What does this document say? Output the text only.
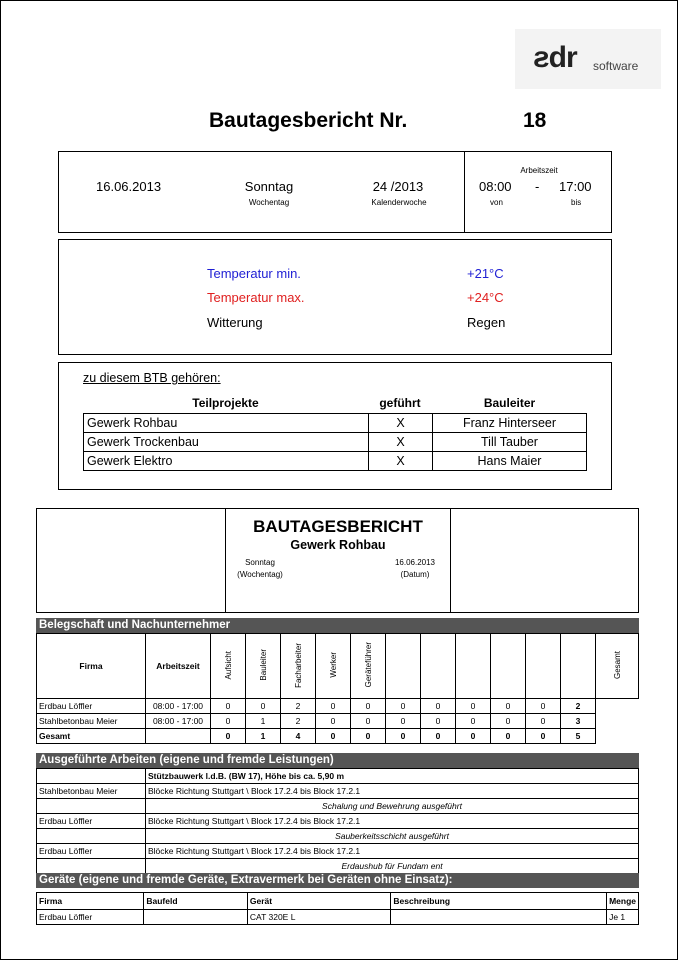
ƨdr software
Bautagesbericht Nr.	18
16.06.2013	Sonntag
Wochentag
24 /2013
Kalenderwoche
Arbeitszeit
08:00 - 17:00
von	bis
Temperatur min.	+21°C
Temperatur max.	+24°C
Witterung	Regen
zu diesem BTB gehören:
Teilprojekte	geführt	Bauleiter
Gewerk Rohbau	X	Franz Hinterseer
Gewerk Trockenbau	X	Till Tauber
Gewerk Elektro	X	Hans Maier
BAUTAGESBERICHT
Gewerk Rohbau
Sonntag
(Wochentag)
16.06.2013
(Datum)
Belegschaft und Nachunternehmer
Firma	Arbeitszeit	Aufsicht	Bauleiter	Facharbeiter	Werker	Geräteführer							Gesamt
Erdbau Löffler	08:00 - 17:00	0	0	2	0	0	0	0	0	0	0	2	
Stahlbetonbau Meier	08:00 - 17:00	0	1	2	0	0	0	0	0	0	0	3	
Gesamt		0	1	4	0	0	0	0	0	0	0	5	
Ausgeführte Arbeiten (eigene und fremde Leistungen)
	Stützbauwerk l.d.B. (BW 17), Höhe bis ca. 5,90 m
Stahlbetonbau Meier	Blöcke Richtung Stuttgart \ Block 17.2.4 bis Block 17.2.1
	Schalung und Bewehrung ausgeführt
Erdbau Löffler	Blöcke Richtung Stuttgart \ Block 17.2.4 bis Block 17.2.1
	Sauberkeitsschicht ausgeführt
Erdbau Löffler	Blöcke Richtung Stuttgart \ Block 17.2.4 bis Block 17.2.1
	Erdaushub für Fundam ent
Geräte (eigene und fremde Geräte, Extravermerk bei Geräten ohne Einsatz):
Firma	Baufeld	Gerät	Beschreibung	Menge
Erdbau Löffler		CAT 320E L		Je 1
